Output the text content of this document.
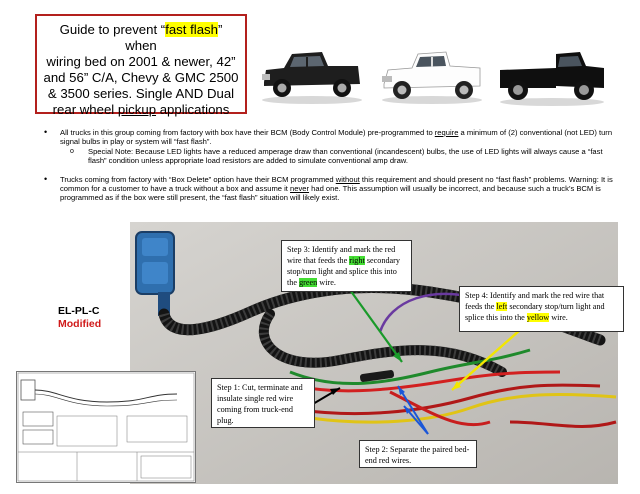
Guide to prevent “fast flash” when
wiring bed on 2001 & newer, 42”
and 56” C/A, Chevy & GMC 2500
& 3500 series. Single AND Dual
rear wheel pickup applications
• All trucks in this group coming from factory with box have their BCM (Body Control Module) pre-programmed to require a minimum of (2) conventional (not LED) turn signal bulbs in play or system will “fast flash”.
o Special Note: Because LED lights have a reduced amperage draw than conventional (incandescent) bulbs, the use of LED lights will always cause a “fast flash” condition unless appropriate load resistors are added to simulate conventional amp draw.
• Trucks coming from factory with “Box Delete” option have their BCM programmed without this requirement and should present no “fast flash” problems. Warning: It is common for a customer to have a truck without a box and assume it never had one. This assumption will usually be incorrect, and because such a truck’s BCM is programmed as if the box were still present, the “fast flash” situation will likely exist.
EL-PL-C
Modified
Step 3: Identify and mark the red wire that feeds the right secondary stop/turn light and splice this into the green wire.
Step 4: Identify and mark the red wire that feeds the left secondary stop/turn light and splice this into the yellow wire.
Step 1: Cut, terminate and insulate single red wire coming from truck-end plug.
Step 2: Separate the paired bed-end red wires.
